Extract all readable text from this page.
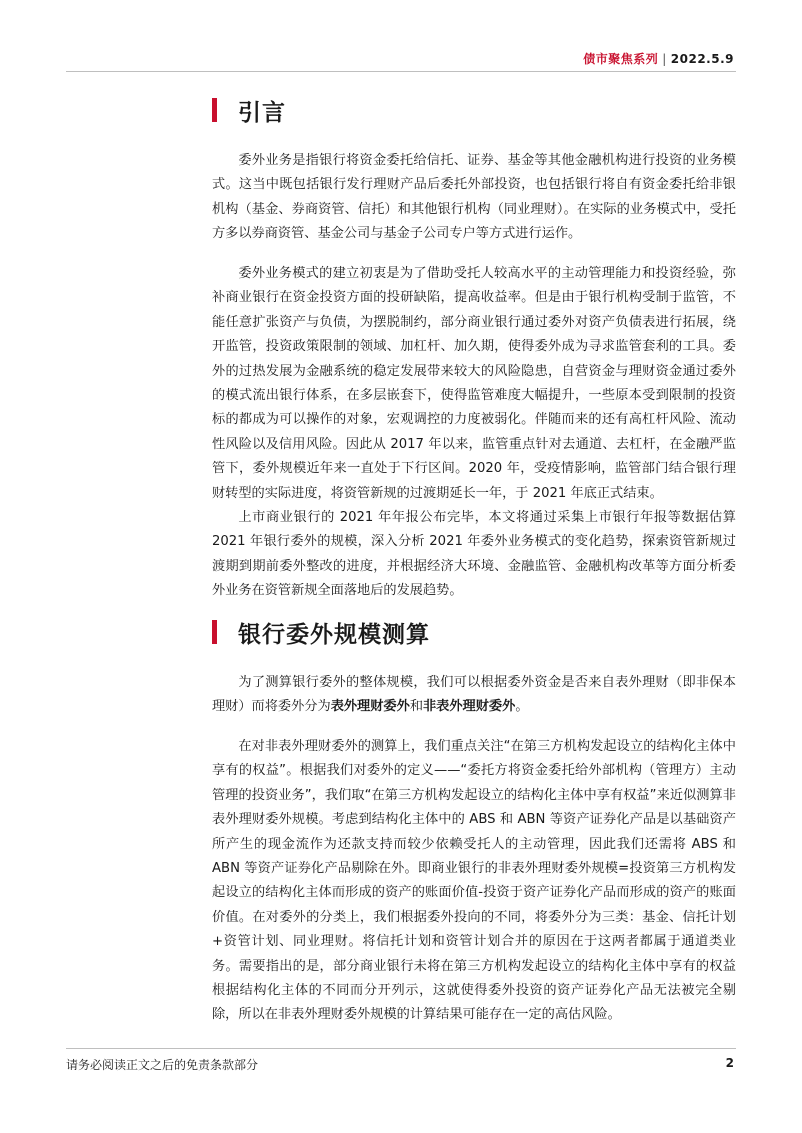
债市聚焦系列 | 2022.5.9
引言

委外业务是指银行将资金委托给信托、证券、基金等其他金融机构进行投资的业务模式。这当中既包括银行发行理财产品后委托外部投资，也包括银行将自有资金委托给非银机构（基金、券商资管、信托）和其他银行机构（同业理财）。在实际的业务模式中，受托方多以券商资管、基金公司与基金子公司专户等方式进行运作。

委外业务模式的建立初衷是为了借助受托人较高水平的主动管理能力和投资经验，弥补商业银行在资金投资方面的投研缺陷，提高收益率。但是由于银行机构受制于监管，不能任意扩张资产与负债，为摆脱制约，部分商业银行通过委外对资产负债表进行拓展，绕开监管，投资政策限制的领域、加杠杆、加久期，使得委外成为寻求监管套利的工具。委外的过热发展为金融系统的稳定发展带来较大的风险隐患，自营资金与理财资金通过委外的模式流出银行体系，在多层嵌套下，使得监管难度大幅提升，一些原本受到限制的投资标的都成为可以操作的对象，宏观调控的力度被弱化。伴随而来的还有高杠杆风险、流动性风险以及信用风险。因此从 2017 年以来，监管重点针对去通道、去杠杆，在金融严监管下，委外规模近年来一直处于下行区间。2020 年，受疫情影响，监管部门结合银行理财转型的实际进度，将资管新规的过渡期延长一年，于 2021 年底正式结束。

上市商业银行的 2021 年年报公布完毕，本文将通过采集上市银行年报等数据估算 2021 年银行委外的规模，深入分析 2021 年委外业务模式的变化趋势，探索资管新规过渡期到期前委外整改的进度，并根据经济大环境、金融监管、金融机构改革等方面分析委外业务在资管新规全面落地后的发展趋势。

银行委外规模测算

为了测算银行委外的整体规模，我们可以根据委外资金是否来自表外理财（即非保本理财）而将委外分为表外理财委外和非表外理财委外。

在对非表外理财委外的测算上，我们重点关注“在第三方机构发起设立的结构化主体中享有的权益”。根据我们对委外的定义——“委托方将资金委托给外部机构（管理方）主动管理的投资业务”，我们取“在第三方机构发起设立的结构化主体中享有权益”来近似测算非表外理财委外规模。考虑到结构化主体中的 ABS 和 ABN 等资产证券化产品是以基础资产所产生的现金流作为还款支持而较少依赖受托人的主动管理，因此我们还需将 ABS 和 ABN 等资产证券化产品剔除在外。即商业银行的非表外理财委外规模=投资第三方机构发起设立的结构化主体而形成的资产的账面价值-投资于资产证券化产品而形成的资产的账面价值。在对委外的分类上，我们根据委外投向的不同，将委外分为三类：基金、信托计划+资管计划、同业理财。将信托计划和资管计划合并的原因在于这两者都属于通道类业务。需要指出的是，部分商业银行未将在第三方机构发起设立的结构化主体中享有的权益根据结构化主体的不同而分开列示，这就使得委外投资的资产证券化产品无法被完全剔除，所以在非表外理财委外规模的计算结果可能存在一定的高估风险。

请务必阅读正文之后的免责条款部分	2
